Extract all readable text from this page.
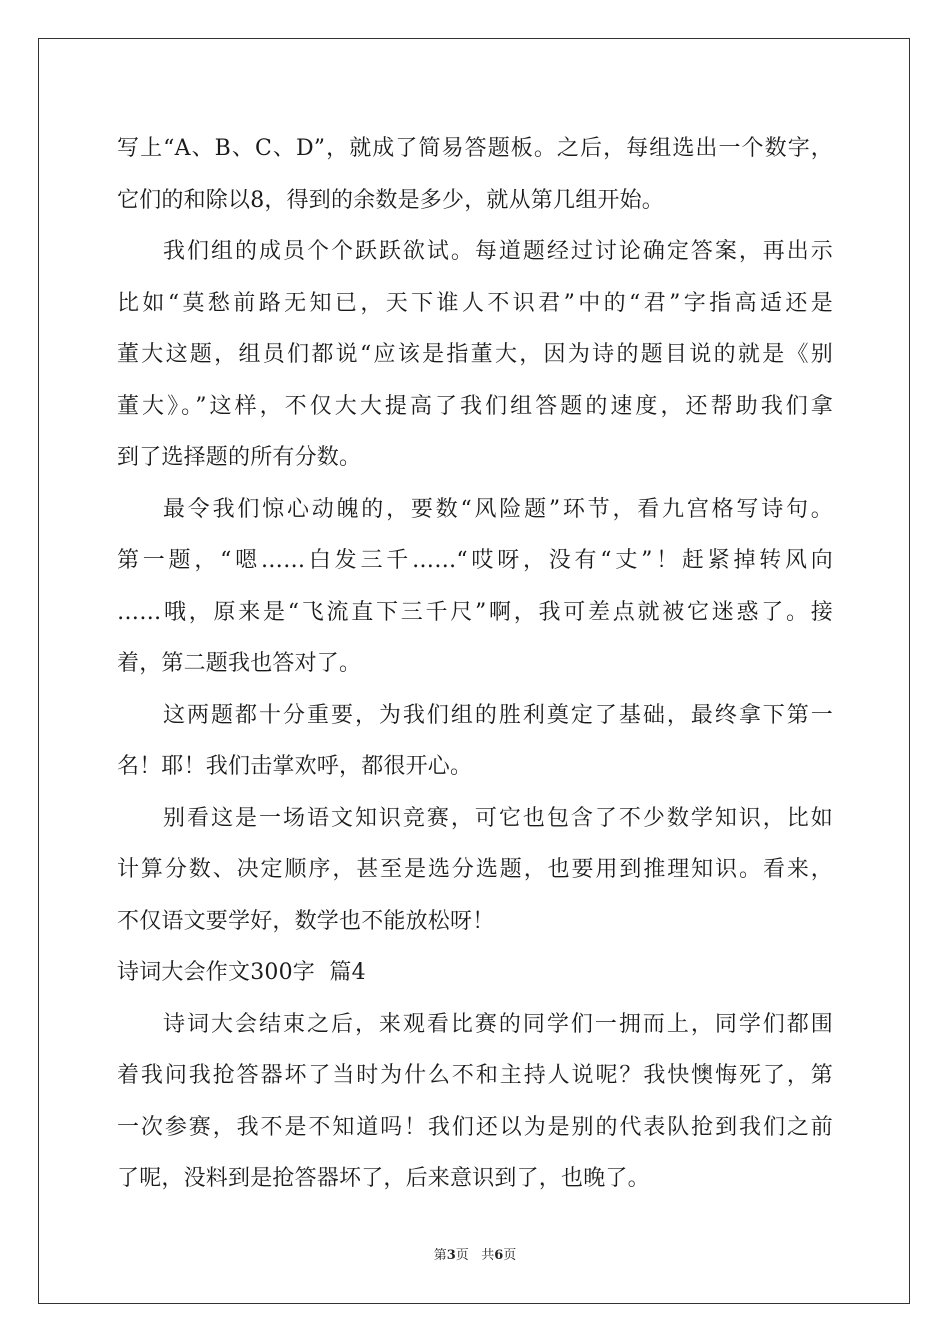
写上“A、B、C、D”，就成了简易答题板。之后，每组选出一个数字，
它们的和除以8，得到的余数是多少，就从第几组开始。
我们组的成员个个跃跃欲试。每道题经过讨论确定答案，再出示
比如“莫愁前路无知已，天下谁人不识君”中的“君”字指高适还是
董大这题，组员们都说“应该是指董大，因为诗的题目说的就是《别
董大》。”这样，不仅大大提高了我们组答题的速度，还帮助我们拿
到了选择题的所有分数。
最令我们惊心动魄的，要数“风险题”环节，看九宫格写诗句。
第一题，“嗯……白发三千……“哎呀，没有“丈”！赶紧掉转风向
……哦，原来是“飞流直下三千尺”啊，我可差点就被它迷惑了。接
着，第二题我也答对了。
这两题都十分重要，为我们组的胜利奠定了基础，最终拿下第一
名！耶！我们击掌欢呼，都很开心。
别看这是一场语文知识竞赛，可它也包含了不少数学知识，比如
计算分数、决定顺序，甚至是选分选题，也要用到推理知识。看来，
不仅语文要学好，数学也不能放松呀！
诗词大会作文300字  篇4
诗词大会结束之后，来观看比赛的同学们一拥而上，同学们都围
着我问我抢答器坏了当时为什么不和主持人说呢？我快懊悔死了，第
一次参赛，我不是不知道吗！我们还以为是别的代表队抢到我们之前
了呢，没料到是抢答器坏了，后来意识到了，也晚了。
第3页 共6页
